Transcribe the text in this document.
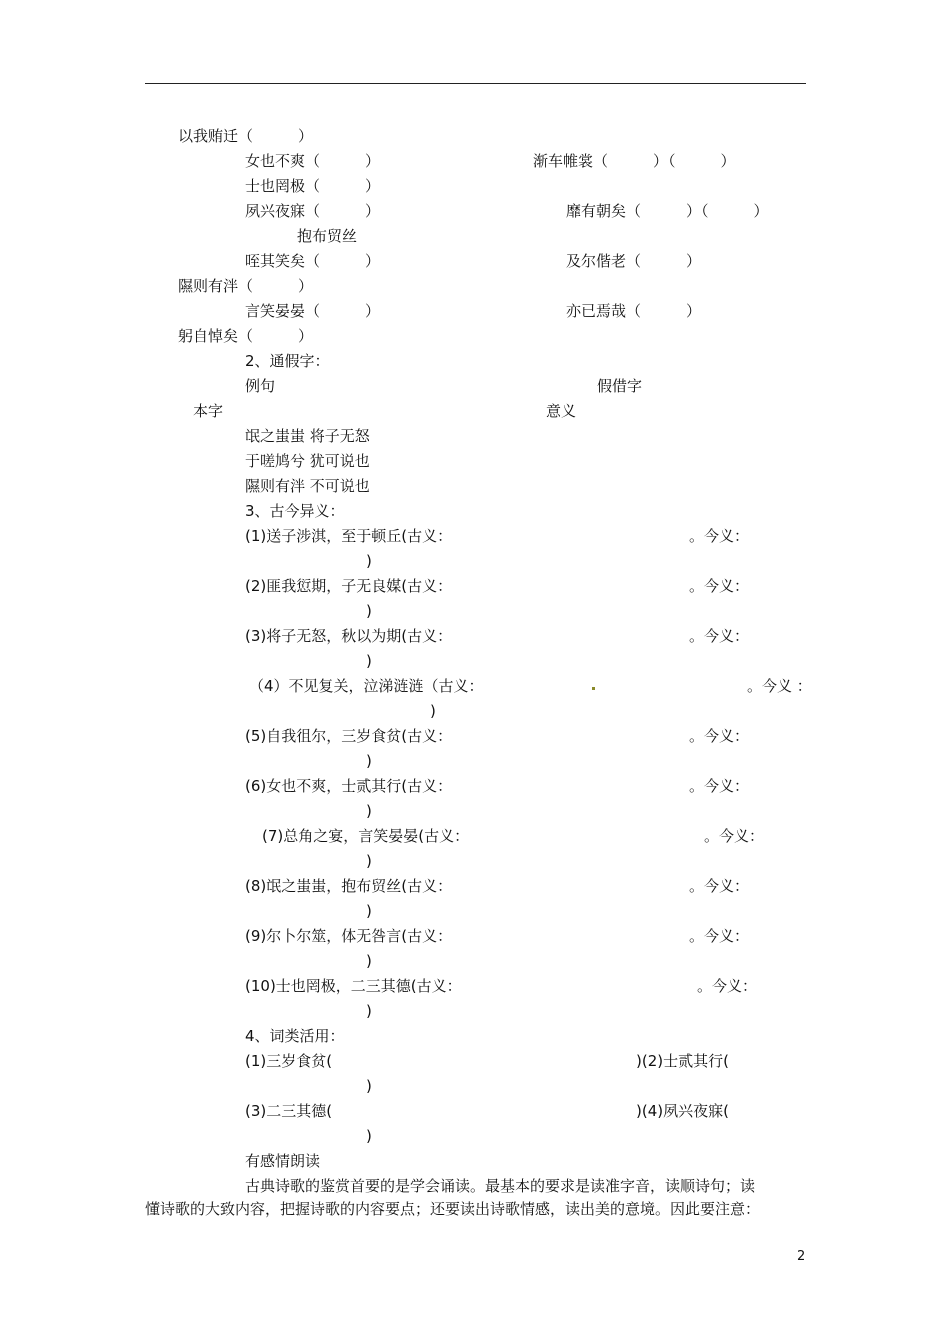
以我贿迁（　　　）
女也不爽（　　　）	渐车帷裳（　　　）（　　　）
士也罔极（　　　）
夙兴夜寐（　　　）	靡有朝矣（　　　）（　　　）
抱布贸丝
咥其笑矣（　　　）	及尔偕老（　　　）
隰则有泮（　　　）
言笑晏晏（　　　）	亦已焉哉（　　　）
躬自悼矣（　　　）
2、通假字：
例句	假借字
本字	意义
氓之蚩蚩 将子无怒
于嗟鸠兮 犹可说也
隰则有泮 不可说也
3、古今异义：
(1)送子涉淇，至于顿丘(古义：	。今义：
)
(2)匪我愆期，子无良媒(古义：	。今义：
)
(3)将子无怒，秋以为期(古义：	。今义：
)
（4）不见复关，泣涕涟涟（古义：	。今义 ：
)
(5)自我徂尔，三岁食贫(古义：	。今义：
)
(6)女也不爽，士贰其行(古义：	。今义：
)
(7)总角之宴，言笑晏晏(古义：	。今义：
)
(8)氓之蚩蚩，抱布贸丝(古义：	。今义：
)
(9)尔卜尔筮，体无咎言(古义：	。今义：
)
(10)士也罔极，二三其德(古义：	。今义：
)
4、词类活用：
(1)三岁食贫(	)(2)士贰其行(
)
(3)二三其德(	)(4)夙兴夜寐(
)
有感情朗读
古典诗歌的鉴赏首要的是学会诵读。最基本的要求是读准字音，读顺诗句；读
懂诗歌的大致内容，把握诗歌的内容要点；还要读出诗歌情感，读出美的意境。因此要注意：
2
